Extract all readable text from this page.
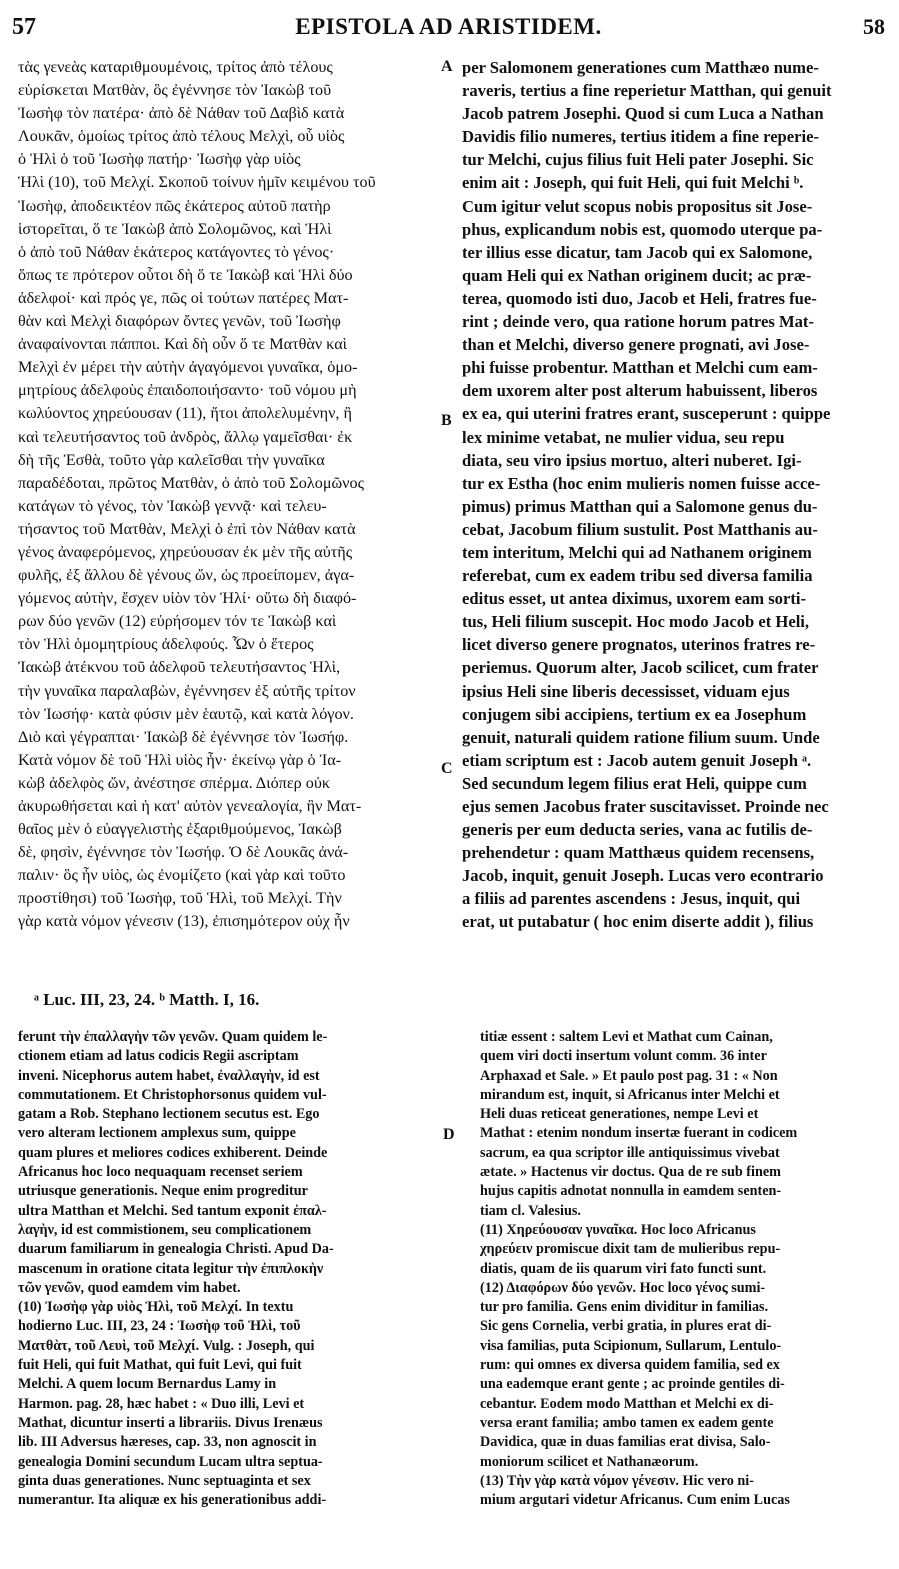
57	EPISTOLA AD ARISTIDEM.	58
τὰς γενεὰς καταριθμουμένοις, τρίτος ἀπὸ τέλους
εὑρίσκεται Ματθὰν, ὃς ἐγέννησε τὸν Ἰακὼβ τοῦ
Ἰωσὴφ τὸν πατέρα· ἀπὸ δὲ Νάθαν τοῦ Δαβὶδ κατὰ
Λουκᾶν, ὁμοίως τρίτος ἀπὸ τέλους Μελχὶ, οὗ υἱὸς
ὁ Ἡλὶ ὁ τοῦ Ἰωσὴφ πατήρ· Ἰωσὴφ γὰρ υἱὸς
Ἡλὶ (10), τοῦ Μελχί. Σκοποῦ τοίνυν ἡμῖν κειμένου τοῦ
Ἰωσὴφ, ἀποδεικτέον πῶς ἑκάτερος αὐτοῦ πατὴρ
ἱστορεῖται, ὅ τε Ἰακὼβ ἀπὸ Σολομῶνος, καὶ Ἡλὶ
ὁ ἀπὸ τοῦ Νάθαν ἑκάτερος κατάγοντες τὸ γένος·
ὅπως τε πρότερον οὗτοι δὴ ὅ τε Ἰακὼβ καὶ Ἡλὶ δύο
ἀδελφοί· καὶ πρός γε, πῶς οἱ τούτων πατέρες Ματ-
θὰν καὶ Μελχὶ διαφόρων ὄντες γενῶν, τοῦ Ἰωσὴφ
ἀναφαίνονται πάπποι. Καὶ δὴ οὖν ὅ τε Ματθὰν καὶ
Μελχὶ ἐν μέρει τὴν αὐτὴν ἀγαγόμενοι γυναῖκα, ὁμο-
μητρίους ἀδελφοὺς ἐπαιδοποιήσαντο· τοῦ νόμου μὴ
κωλύοντος χηρεύουσαν (11), ἤτοι ἀπολελυμένην, ἢ
καὶ τελευτήσαντος τοῦ ἀνδρὸς, ἄλλῳ γαμεῖσθαι· ἐκ
δὴ τῆς Ἐσθὰ, τοῦτο γὰρ καλεῖσθαι τὴν γυναῖκα
παραδέδοται, πρῶτος Ματθὰν, ὁ ἀπὸ τοῦ Σολομῶνος
κατάγων τὸ γένος, τὸν Ἰακὼβ γεννᾷ· καὶ τελευ-
τήσαντος τοῦ Ματθὰν, Μελχὶ ὁ ἐπὶ τὸν Νάθαν κατὰ
γένος ἀναφερόμενος, χηρεύουσαν ἐκ μὲν τῆς αὐτῆς
φυλῆς, ἐξ ἄλλου δὲ γένους ὤν, ὡς προείπομεν, ἀγα-
γόμενος αὐτὴν, ἔσχεν υἱὸν τὸν Ἡλί· οὕτω δὴ διαφό-
ρων δύο γενῶν (12) εὑρήσομεν τόν τε Ἰακὼβ καὶ
τὸν Ἡλὶ ὁμομητρίους ἀδελφούς. Ὧν ὁ ἕτερος
Ἰακὼβ ἀτέκνου τοῦ ἀδελφοῦ τελευτήσαντος Ἡλὶ,
τὴν γυναῖκα παραλαβὼν, ἐγέννησεν ἐξ αὐτῆς τρίτον
τὸν Ἰωσήφ· κατὰ φύσιν μὲν ἑαυτῷ, καὶ κατὰ λόγον.
Διὸ καὶ γέγραπται· Ἰακὼβ δὲ ἐγέννησε τὸν Ἰωσήφ.
Κατὰ νόμον δὲ τοῦ Ἡλὶ υἱὸς ἦν· ἐκείνῳ γὰρ ὁ Ἰα-
κὼβ ἀδελφὸς ὤν, ἀνέστησε σπέρμα. Διόπερ οὐκ
ἀκυρωθήσεται καὶ ἡ κατ' αὐτὸν γενεαλογία, ἣν Ματ-
θαῖος μὲν ὁ εὐαγγελιστὴς ἐξαριθμούμενος, Ἰακὼβ
δὲ, φησὶν, ἐγέννησε τὸν Ἰωσήφ. Ὁ δὲ Λουκᾶς ἀνά-
παλιν· ὃς ἦν υἱὸς, ὡς ἐνομίζετο (καὶ γὰρ καὶ τοῦτο
προστίθησι) τοῦ Ἰωσὴφ, τοῦ Ἡλὶ, τοῦ Μελχί. Τὴν
γὰρ κατὰ νόμον γένεσιν (13), ἐπισημότερον οὐχ ἦν
per Salomonem generationes cum Matthæo nume-
raveris, tertius a fine reperietur Matthan, qui genuit
Jacob patrem Josephi. Quod si cum Luca a Nathan
Davidis filio numeres, tertius itidem a fine reperie-
tur Melchi, cujus filius fuit Heli pater Josephi. Sic
enim ait : Joseph, qui fuit Heli, qui fuit Melchi ᵇ.
Cum igitur velut scopus nobis propositus sit Jose-
phus, explicandum nobis est, quomodo uterque pa-
ter illius esse dicatur, tam Jacob qui ex Salomone,
quam Heli qui ex Nathan originem ducit; ac præ-
terea, quomodo isti duo, Jacob et Heli, fratres fue-
rint ; deinde vero, qua ratione horum patres Mat-
than et Melchi, diverso genere prognati, avi Jose-
phi fuisse probentur. Matthan et Melchi cum eam-
dem uxorem alter post alterum habuissent, liberos
ex ea, qui uterini fratres erant, susceperunt : quippe
lex minime vetabat, ne mulier vidua, seu repu
diata, seu viro ipsius mortuo, alteri nuberet. Igi-
tur ex Estha (hoc enim mulieris nomen fuisse acce-
pimus) primus Matthan qui a Salomone genus du-
cebat, Jacobum filium sustulit. Post Matthanis au-
tem interitum, Melchi qui ad Nathanem originem
referebat, cum ex eadem tribu sed diversa familia
editus esset, ut antea diximus, uxorem eam sorti-
tus, Heli filium suscepit. Hoc modo Jacob et Heli,
licet diverso genere prognatos, uterinos fratres re-
periemus. Quorum alter, Jacob scilicet, cum frater
ipsius Heli sine liberis decessisset, viduam ejus
conjugem sibi accipiens, tertium ex ea Josephum
genuit, naturali quidem ratione filium suum. Unde
etiam scriptum est : Jacob autem genuit Joseph ᵃ.
Sed secundum legem filius erat Heli, quippe cum
ejus semen Jacobus frater suscitavisset. Proinde nec
generis per eum deducta series, vana ac futilis de-
prehendetur : quam Matthæus quidem recensens,
Jacob, inquit, genuit Joseph. Lucas vero econtrario
a filiis ad parentes ascendens : Jesus, inquit, qui
erat, ut putabatur ( hoc enim diserte addit ), filius
A
B
C
D
ᵃ Luc. III, 23, 24. ᵇ Matth. I, 16.
ferunt τὴν ἐπαλλαγὴν τῶν γενῶν. Quam quidem le-
ctionem etiam ad latus codicis Regii ascriptam
inveni. Nicephorus autem habet, ἐναλλαγὴν, id est
commutationem. Et Christophorsonus quidem vul-
gatam a Rob. Stephano lectionem secutus est. Ego
vero alteram lectionem amplexus sum, quippe
quam plures et meliores codices exhiberent. Deinde
Africanus hoc loco nequaquam recenset seriem
utriusque generationis. Neque enim progreditur
ultra Matthan et Melchi. Sed tantum exponit ἐπαλ-
λαγὴν, id est commistionem, seu complicationem
duarum familiarum in genealogia Christi. Apud Da-
mascenum in oratione citata legitur τὴν ἐπιπλοκὴν
τῶν γενῶν, quod eamdem vim habet.
(10) Ἰωσὴφ γὰρ υἱὸς Ἡλὶ, τοῦ Μελχί. In textu
hodierno Luc. III, 23, 24 : Ἰωσὴφ τοῦ Ἡλὶ, τοῦ
Ματθὰτ, τοῦ Λευὶ, τοῦ Μελχί. Vulg. : Joseph, qui
fuit Heli, qui fuit Mathat, qui fuit Levi, qui fuit
Melchi. A quem locum Bernardus Lamy in
Harmon. pag. 28, hæc habet : « Duo illi, Levi et
Mathat, dicuntur inserti a librariis. Divus Irenæus
lib. III Adversus hæreses, cap. 33, non agnoscit in
genealogia Domini secundum Lucam ultra septua-
ginta duas generationes. Nunc septuaginta et sex
numerantur. Ita aliquæ ex his generationibus addi-
titiæ essent : saltem Levi et Mathat cum Cainan,
quem viri docti insertum volunt comm. 36 inter
Arphaxad et Sale. » Et paulo post pag. 31 : « Non
mirandum est, inquit, si Africanus inter Melchi et
Heli duas reticeat generationes, nempe Levi et
Mathat : etenim nondum insertæ fuerant in codicem
sacrum, ea qua scriptor ille antiquissimus vivebat
ætate. » Hactenus vir doctus. Qua de re sub finem
hujus capitis adnotat nonnulla in eamdem senten-
tiam cl. Valesius.
(11) Χηρεύουσαν γυναῖκα. Hoc loco Africanus
χηρεύειν promiscue dixit tam de mulieribus repu-
diatis, quam de iis quarum viri fato functi sunt.
(12) Διαφόρων δύο γενῶν. Hoc loco γένος sumi-
tur pro familia. Gens enim dividitur in familias.
Sic gens Cornelia, verbi gratia, in plures erat di-
visa familias, puta Scipionum, Sullarum, Lentulo-
rum: qui omnes ex diversa quidem familia, sed ex
una eademque erant gente ; ac proinde gentiles di-
cebantur. Eodem modo Matthan et Melchi ex di-
versa erant familia; ambo tamen ex eadem gente
Davidica, quæ in duas familias erat divisa, Salo-
moniorum scilicet et Nathanæorum.
(13) Τὴν γὰρ κατὰ νόμον γένεσιν. Hic vero ni-
mium argutari videtur Africanus. Cum enim Lucas
